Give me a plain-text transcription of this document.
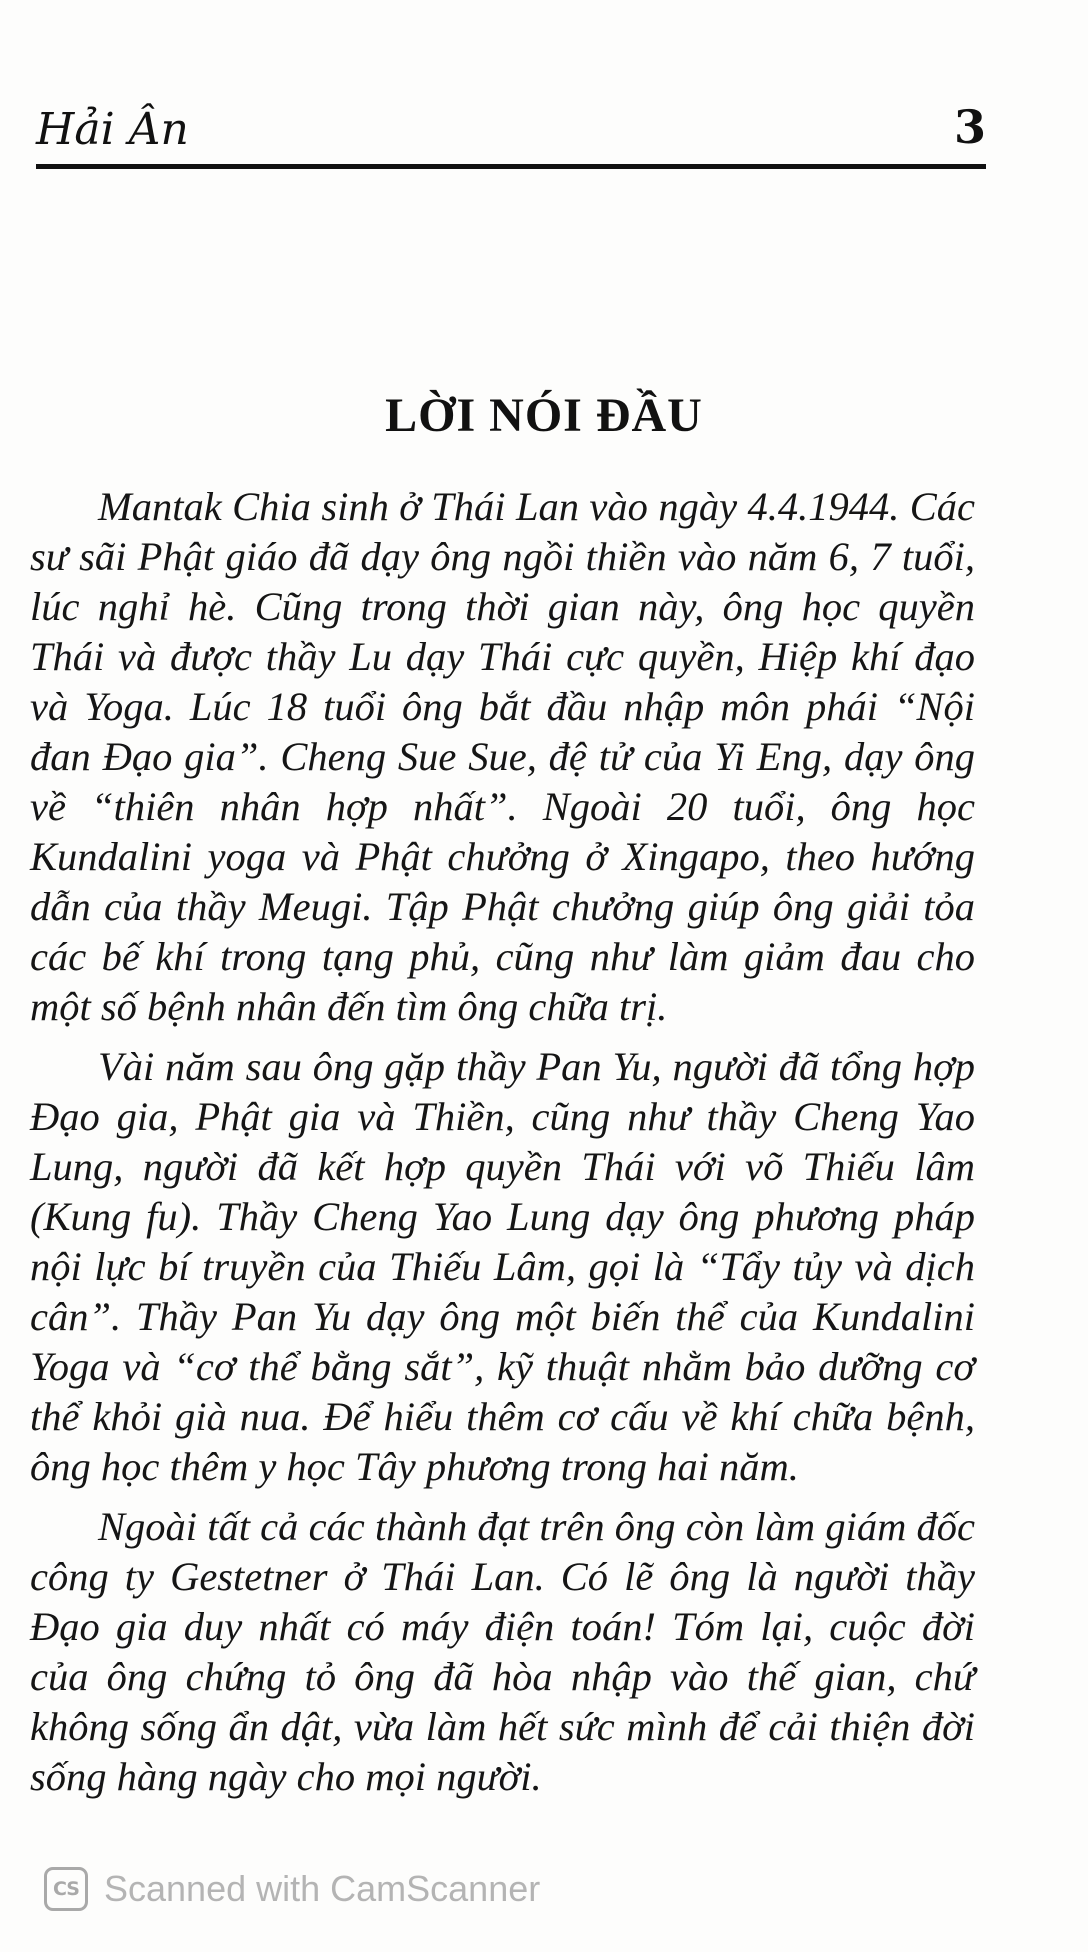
Hải Ân	3
LỜI NÓI ĐẦU

Mantak Chia sinh ở Thái Lan vào ngày 4.4.1944. Các sư sãi Phật giáo đã dạy ông ngồi thiền vào năm 6, 7 tuổi, lúc nghỉ hè. Cũng trong thời gian này, ông học quyền Thái và được thầy Lu dạy Thái cực quyền, Hiệp khí đạo và Yoga. Lúc 18 tuổi ông bắt đầu nhập môn phái “Nội đan Đạo gia”. Cheng Sue Sue, đệ tử của Yi Eng, dạy ông về “thiên nhân hợp nhất”. Ngoài 20 tuổi, ông học Kundalini yoga và Phật chưởng ở Xingapo, theo hướng dẫn của thầy Meugi. Tập Phật chưởng giúp ông giải tỏa các bế khí trong tạng phủ, cũng như làm giảm đau cho một số bệnh nhân đến tìm ông chữa trị.

Vài năm sau ông gặp thầy Pan Yu, người đã tổng hợp Đạo gia, Phật gia và Thiền, cũng như thầy Cheng Yao Lung, người đã kết hợp quyền Thái với võ Thiếu lâm (Kung fu). Thầy Cheng Yao Lung dạy ông phương pháp nội lực bí truyền của Thiếu Lâm, gọi là “Tẩy tủy và dịch cân”. Thầy Pan Yu dạy ông một biến thể của Kundalini Yoga và “cơ thể bằng sắt”, kỹ thuật nhằm bảo dưỡng cơ thể khỏi già nua. Để hiểu thêm cơ cấu về khí chữa bệnh, ông học thêm y học Tây phương trong hai năm.

Ngoài tất cả các thành đạt trên ông còn làm giám đốc công ty Gestetner ở Thái Lan. Có lẽ ông là người thầy Đạo gia duy nhất có máy điện toán! Tóm lại, cuộc đời của ông chứng tỏ ông đã hòa nhập vào thế gian, chứ không sống ẩn dật, vừa làm hết sức mình để cải thiện đời sống hàng ngày cho mọi người.

CS Scanned with CamScanner
